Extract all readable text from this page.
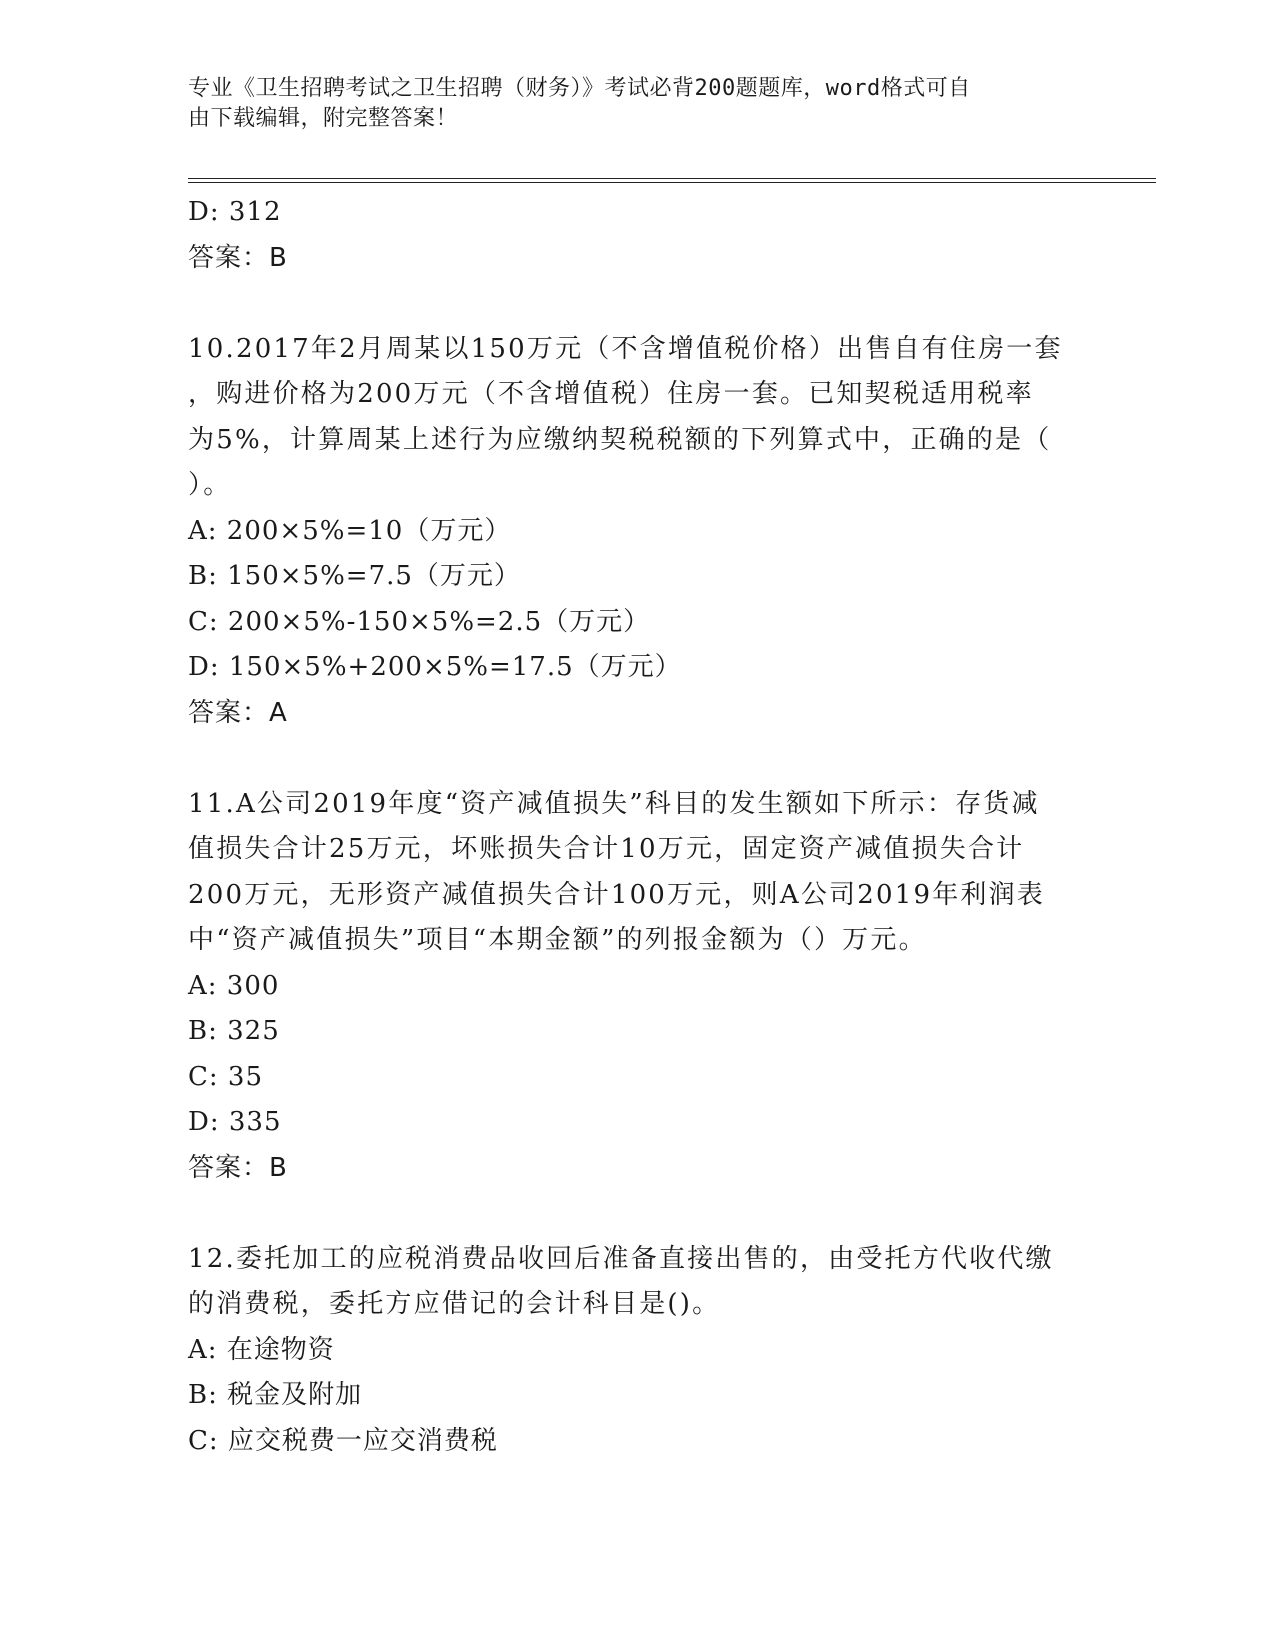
专业《卫生招聘考试之卫生招聘（财务）》考试必背200题题库，word格式可自
由下载编辑，附完整答案！
D: 312
答案：B
10.2017年2月周某以150万元（不含增值税价格）出售自有住房一套
，购进价格为200万元（不含增值税）住房一套。已知契税适用税率
为5%，计算周某上述行为应缴纳契税税额的下列算式中，正确的是（
）。
A: 200×5%=10（万元）
B: 150×5%=7.5（万元）
C: 200×5%-150×5%=2.5（万元）
D: 150×5%+200×5%=17.5（万元）
答案：A
11.A公司2019年度“资产减值损失”科目的发生额如下所示：存货减
值损失合计25万元，坏账损失合计10万元，固定资产减值损失合计
200万元，无形资产减值损失合计100万元，则A公司2019年利润表
中“资产减值损失”项目“本期金额”的列报金额为（）万元。
A: 300
B: 325
C: 35
D: 335
答案：B
12.委托加工的应税消费品收回后准备直接出售的，由受托方代收代缴
的消费税，委托方应借记的会计科目是()。
A: 在途物资
B: 税金及附加
C: 应交税费一应交消费税
